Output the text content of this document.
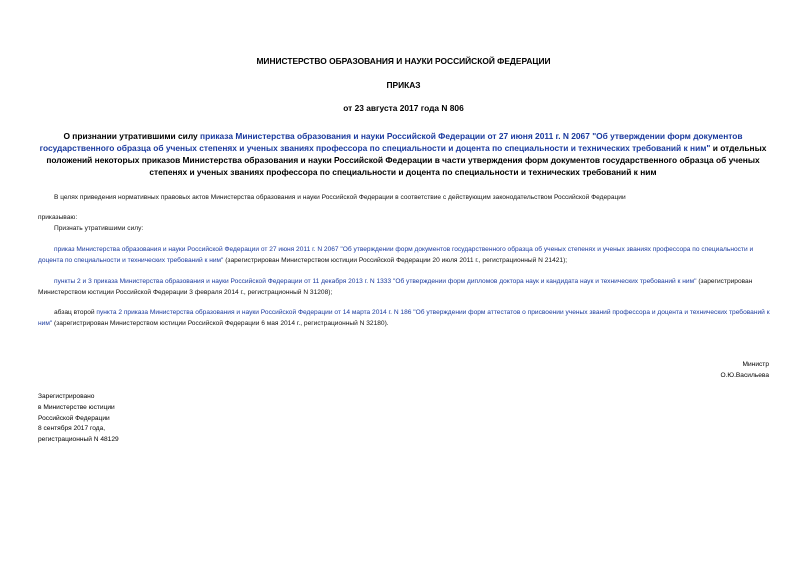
МИНИСТЕРСТВО ОБРАЗОВАНИЯ И НАУКИ РОССИЙСКОЙ ФЕДЕРАЦИИ
ПРИКАЗ
от 23 августа 2017 года N 806
О признании утратившими силу приказа Министерства образования и науки Российской Федерации от 27 июня 2011 г. N 2067 "Об утверждении форм документов государственного образца об ученых степенях и ученых званиях профессора по специальности и доцента по специальности и технических требований к ним" и отдельных положений некоторых приказов Министерства образования и науки Российской Федерации в части утверждения форм документов государственного образца об ученых степенях и ученых званиях профессора по специальности и доцента по специальности и технических требований к ним
В целях приведения нормативных правовых актов Министерства образования и науки Российской Федерации в соответствие с действующим законодательством Российской Федерации
приказываю:
Признать утратившими силу:
приказ Министерства образования и науки Российской Федерации от 27 июня 2011 г. N 2067 "Об утверждении форм документов государственного образца об ученых степенях и ученых званиях профессора по специальности и доцента по специальности и технических требований к ним" (зарегистрирован Министерством юстиции Российской Федерации 20 июля 2011 г., регистрационный N 21421);
пункты 2 и 3 приказа Министерства образования и науки Российской Федерации от 11 декабря 2013 г. N 1333 "Об утверждении форм дипломов доктора наук и кандидата наук и технических требований к ним" (зарегистрирован Министерством юстиции Российской Федерации 3 февраля 2014 г., регистрационный N 31208);
абзац второй пункта 2 приказа Министерства образования и науки Российской Федерации от 14 марта 2014 г. N 186 "Об утверждении форм аттестатов о присвоении ученых званий профессора и доцента и технических требований к ним" (зарегистрирован Министерством юстиции Российской Федерации 6 мая 2014 г., регистрационный N 32180).
Министр
О.Ю.Васильева
Зарегистрировано
в Министерстве юстиции
Российской Федерации
8 сентября 2017 года,
регистрационный N 48129
